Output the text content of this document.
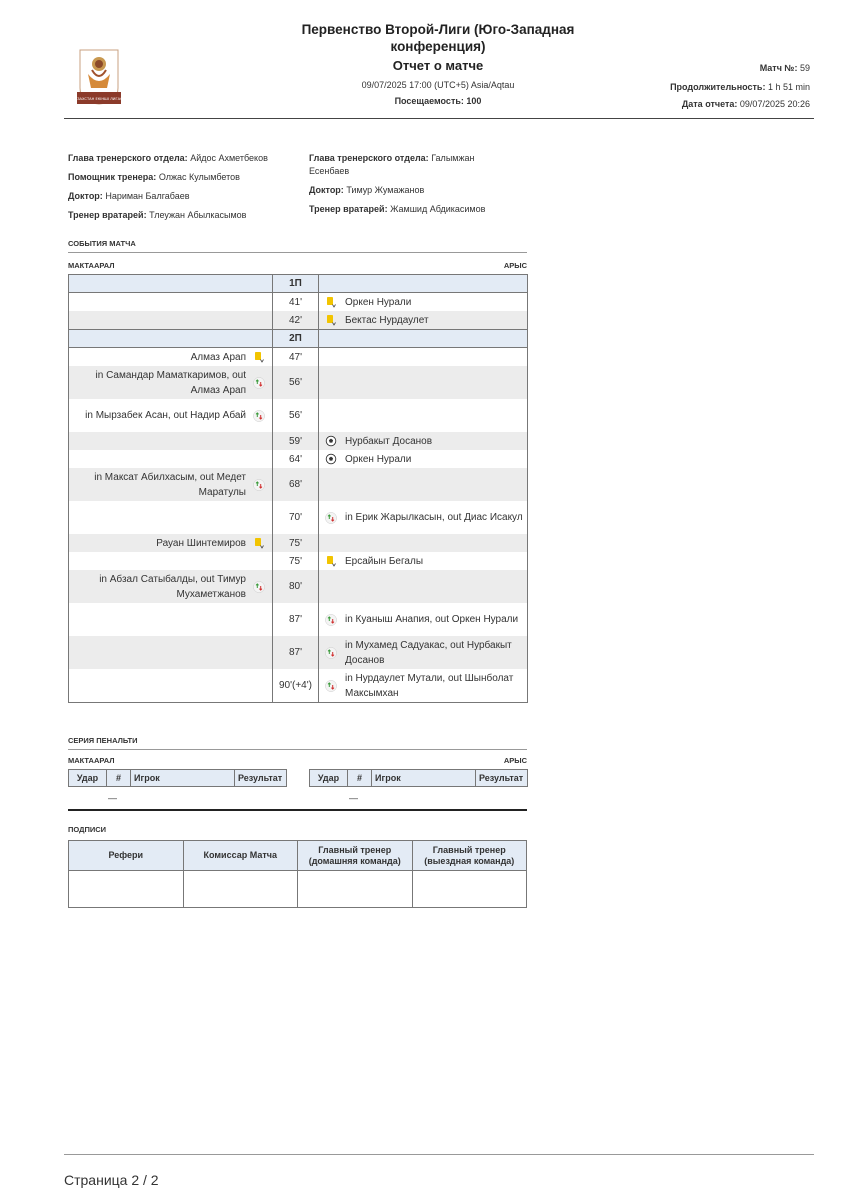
КАЗАХСТАН ЕКІНШІ ЛИГАСЫ
Первенство Второй-Лиги (Юго-Западная конференция)
Отчет о матче
09/07/2025 17:00 (UTC+5) Asia/Aqtau
Посещаемость: 100
Матч №: 59
Продолжительность: 1 h 51 min
Дата отчета: 09/07/2025 20:26
Глава тренерского отдела: Айдос Ахметбеков
Помощник тренера: Олжас Кулымбетов
Доктор: Нариман Балгабаев
Тренер вратарей: Тлеужан Абылкасымов
Глава тренерского отдела: Галымжан Есенбаев
Доктор: Тимур Жумажанов
Тренер вратарей: Жамшид Абдикасимов
СОБЫТИЯ МАТЧА
МАКТААРАЛ	АРЫС
	1П	
	41'	Оркен Нурали
	42'	Бектас Нурдаулет
	2П	

Алмаз Арап	47'	

in Самандар Маматкаримов, out Алмаз Арап	56'	

in Мырзабек Асан, out Надир Абай	56'	
	59'	Нурбакыт Досанов
	64'	Оркен Нурали

in Максат Абилхасым, out Медет Маратулы	68'	
	70'	in Ерик Жарылкасын, out Диас Исакул

Рауан Шинтемиров	75'	
	75'	Ерсайын Бегалы

in Абзал Сатыбалды, out Тимур Мухаметжанов	80'	
	87'	in Куаныш Анапия, out Оркен Нурали
	87'	in Мухамед Садуакас, out Нурбакыт Досанов
	90'(+4')	in Нурдаулет Мутали, out Шынболат Максымхан
СЕРИЯ ПЕНАЛЬТИ
МАКТААРАЛ	АРЫС
Удар	#	Игрок	Результат
—
Удар	#	Игрок	Результат
—
ПОДПИСИ
Рефери	Комиссар Матча	Главный тренер (домашняя команда)	Главный тренер (выездная команда)

Страница 2 / 2
